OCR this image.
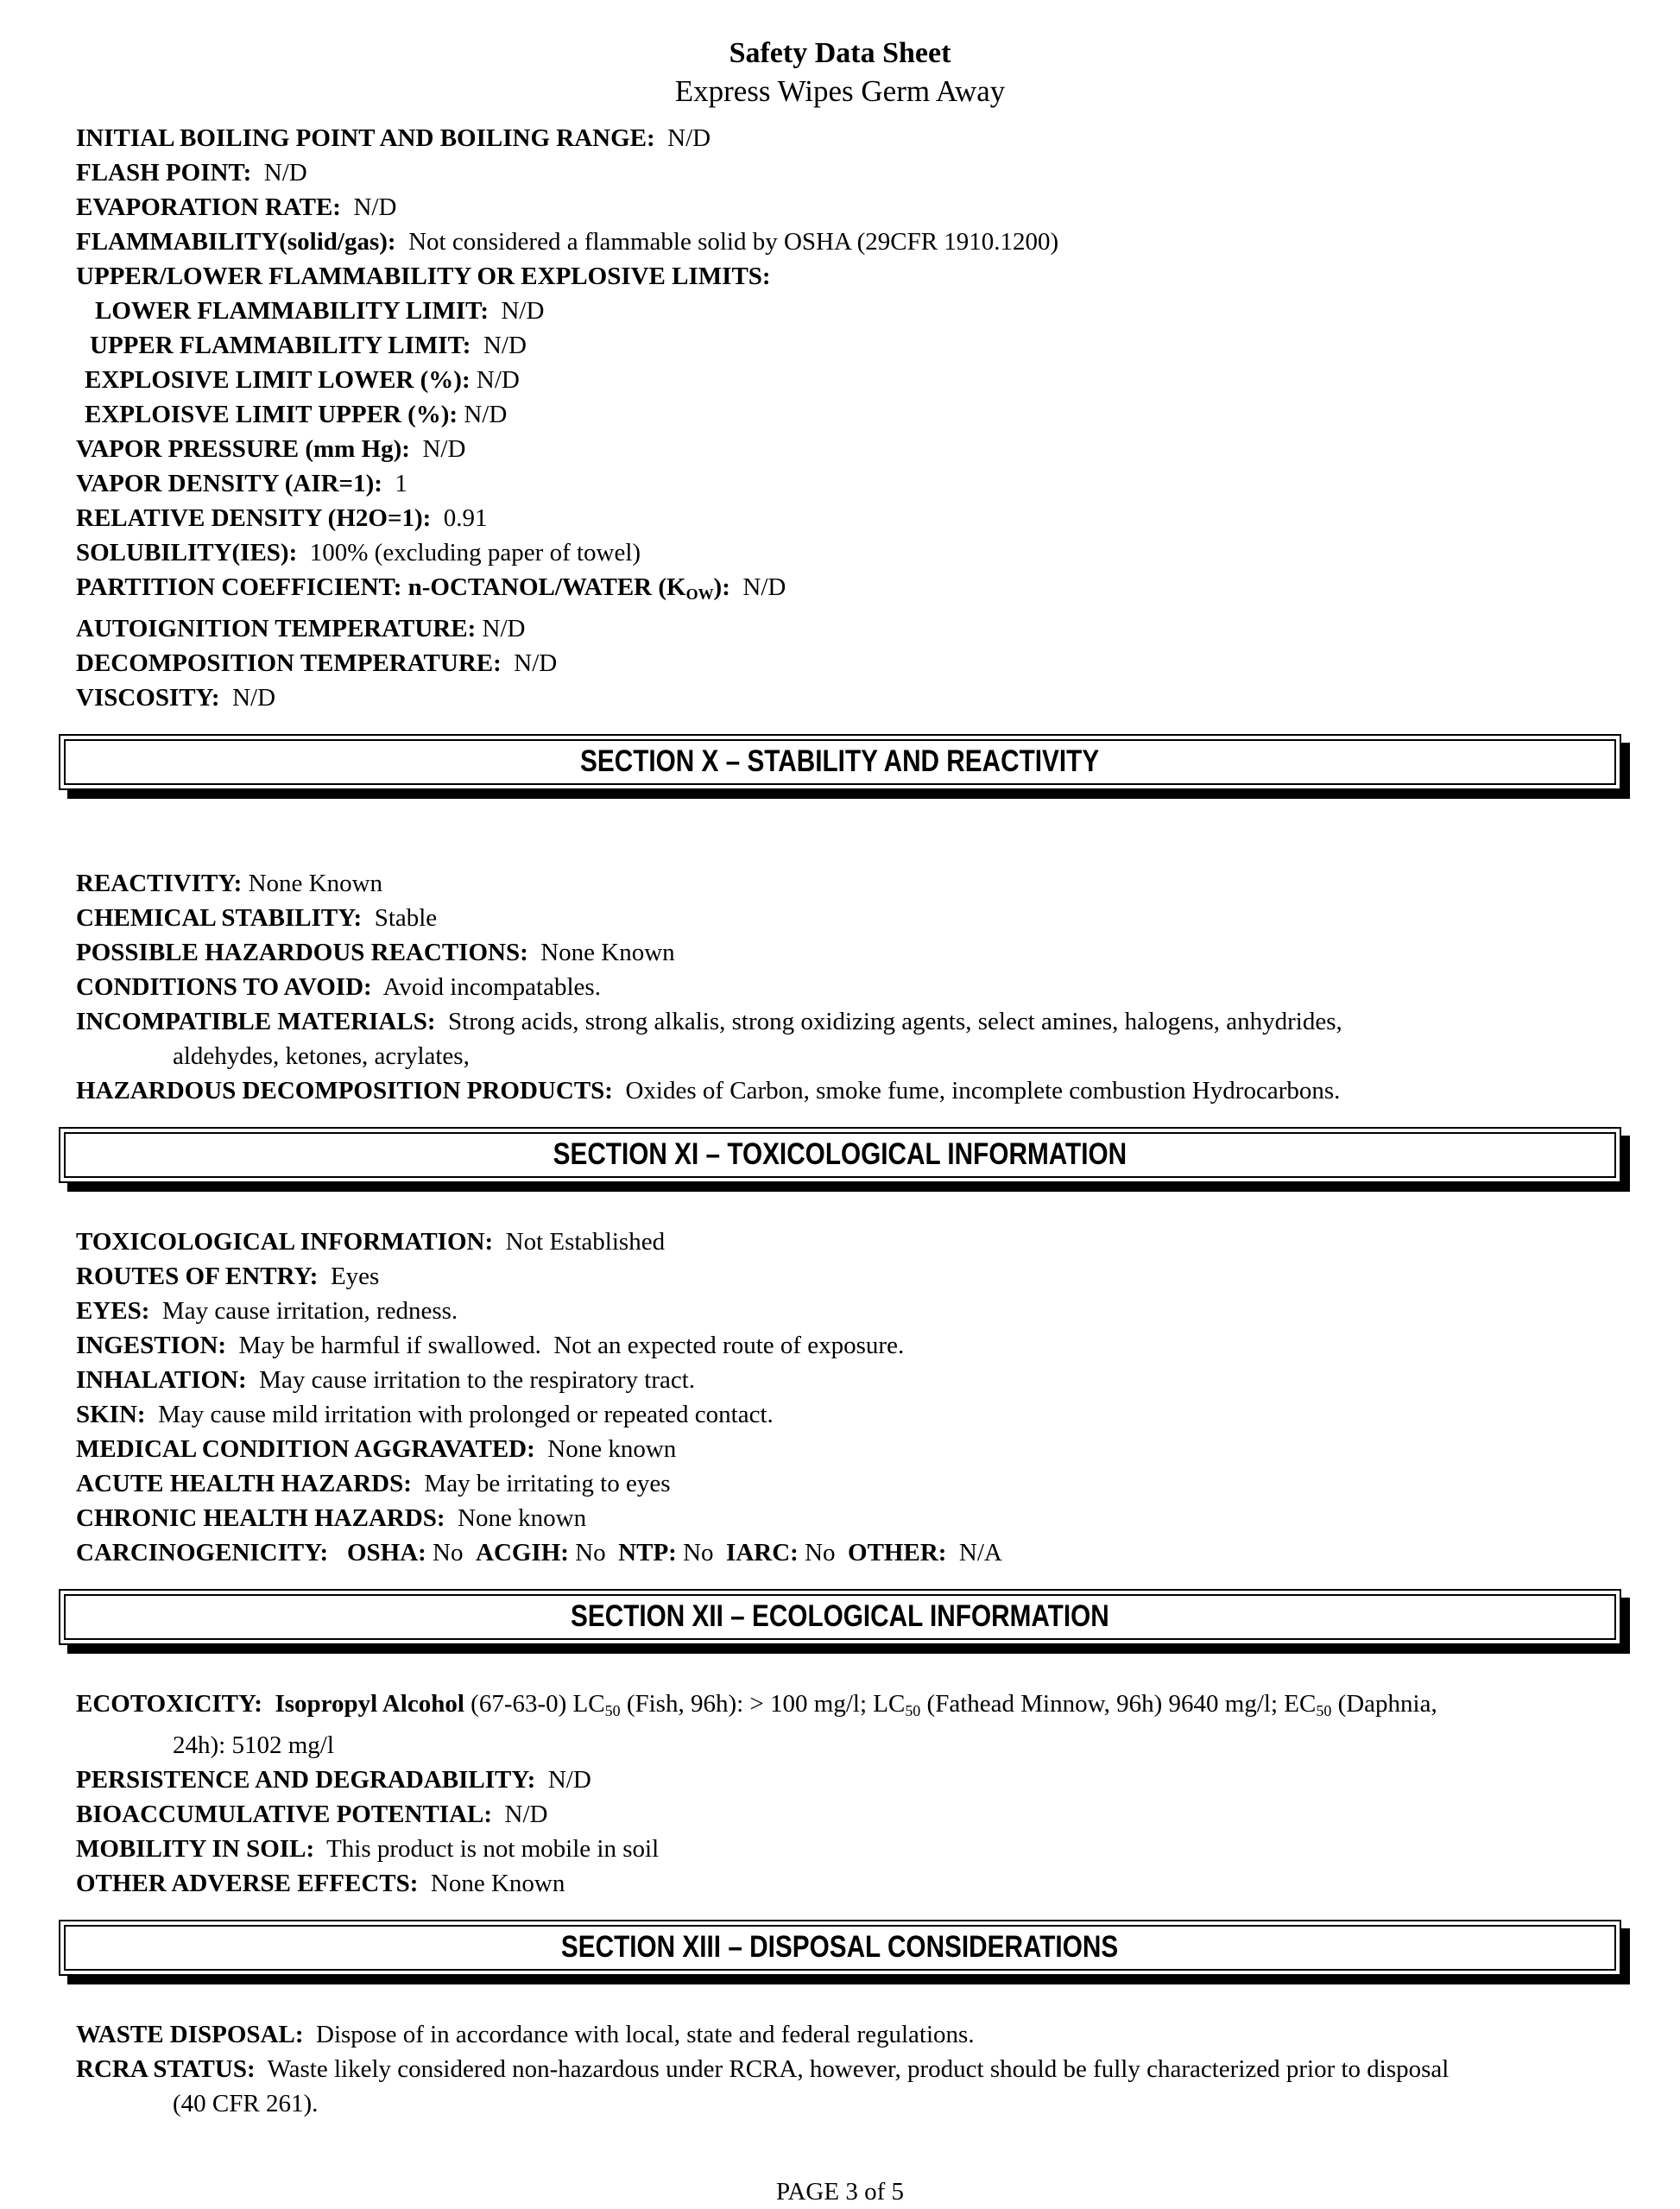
Safety Data Sheet
Express Wipes Germ Away
INITIAL BOILING POINT AND BOILING RANGE:  N/D
FLASH POINT:  N/D
EVAPORATION RATE:  N/D
FLAMMABILITY(solid/gas):  Not considered a flammable solid by OSHA (29CFR 1910.1200)
UPPER/LOWER FLAMMABILITY OR EXPLOSIVE LIMITS:
LOWER FLAMMABILITY LIMIT:  N/D
UPPER FLAMMABILITY LIMIT:  N/D
EXPLOSIVE LIMIT LOWER (%): N/D
EXPLOISVE LIMIT UPPER (%): N/D
VAPOR PRESSURE (mm Hg):  N/D
VAPOR DENSITY (AIR=1):  1
RELATIVE DENSITY (H2O=1):  0.91
SOLUBILITY(IES):  100% (excluding paper of towel)
PARTITION COEFFICIENT: n-OCTANOL/WATER $(K_{OW})$:  N/D
AUTOIGNITION TEMPERATURE: N/D
DECOMPOSITION TEMPERATURE:  N/D
VISCOSITY:  N/D
SECTION X – STABILITY AND REACTIVITY

REACTIVITY: None Known
CHEMICAL STABILITY:  Stable
POSSIBLE HAZARDOUS REACTIONS:  None Known
CONDITIONS TO AVOID:  Avoid incompatables.
INCOMPATIBLE MATERIALS:  Strong acids, strong alkalis, strong oxidizing agents, select amines, halogens, anhydrides,
aldehydes, ketones, acrylates,
HAZARDOUS DECOMPOSITION PRODUCTS:  Oxides of Carbon, smoke fume, incomplete combustion Hydrocarbons.
SECTION XI – TOXICOLOGICAL INFORMATION
TOXICOLOGICAL INFORMATION:  Not Established
ROUTES OF ENTRY:  Eyes
EYES:  May cause irritation, redness.
INGESTION:  May be harmful if swallowed.  Not an expected route of exposure.
INHALATION:  May cause irritation to the respiratory tract.
SKIN:  May cause mild irritation with prolonged or repeated contact.
MEDICAL CONDITION AGGRAVATED:  None known
ACUTE HEALTH HAZARDS:  May be irritating to eyes
CHRONIC HEALTH HAZARDS:  None known
CARCINOGENICITY: OSHA: No  ACGIH: No  NTP: No  IARC: No  OTHER:  N/A
SECTION XII – ECOLOGICAL INFORMATION
ECOTOXICITY: Isopropyl Alcohol (67-63-0) $LC_{50}$ (Fish, 96h): > 100 mg/l; $LC_{50}$ (Fathead Minnow, 96h) 9640 mg/l; $EC_{50}$ (Daphnia,
24h): 5102 mg/l
PERSISTENCE AND DEGRADABILITY:  N/D
BIOACCUMULATIVE POTENTIAL:  N/D
MOBILITY IN SOIL:  This product is not mobile in soil
OTHER ADVERSE EFFECTS:  None Known
SECTION XIII – DISPOSAL CONSIDERATIONS
WASTE DISPOSAL:  Dispose of in accordance with local, state and federal regulations.
RCRA STATUS:  Waste likely considered non-hazardous under RCRA, however, product should be fully characterized prior to disposal
(40 CFR 261).
PAGE 3 of 5
